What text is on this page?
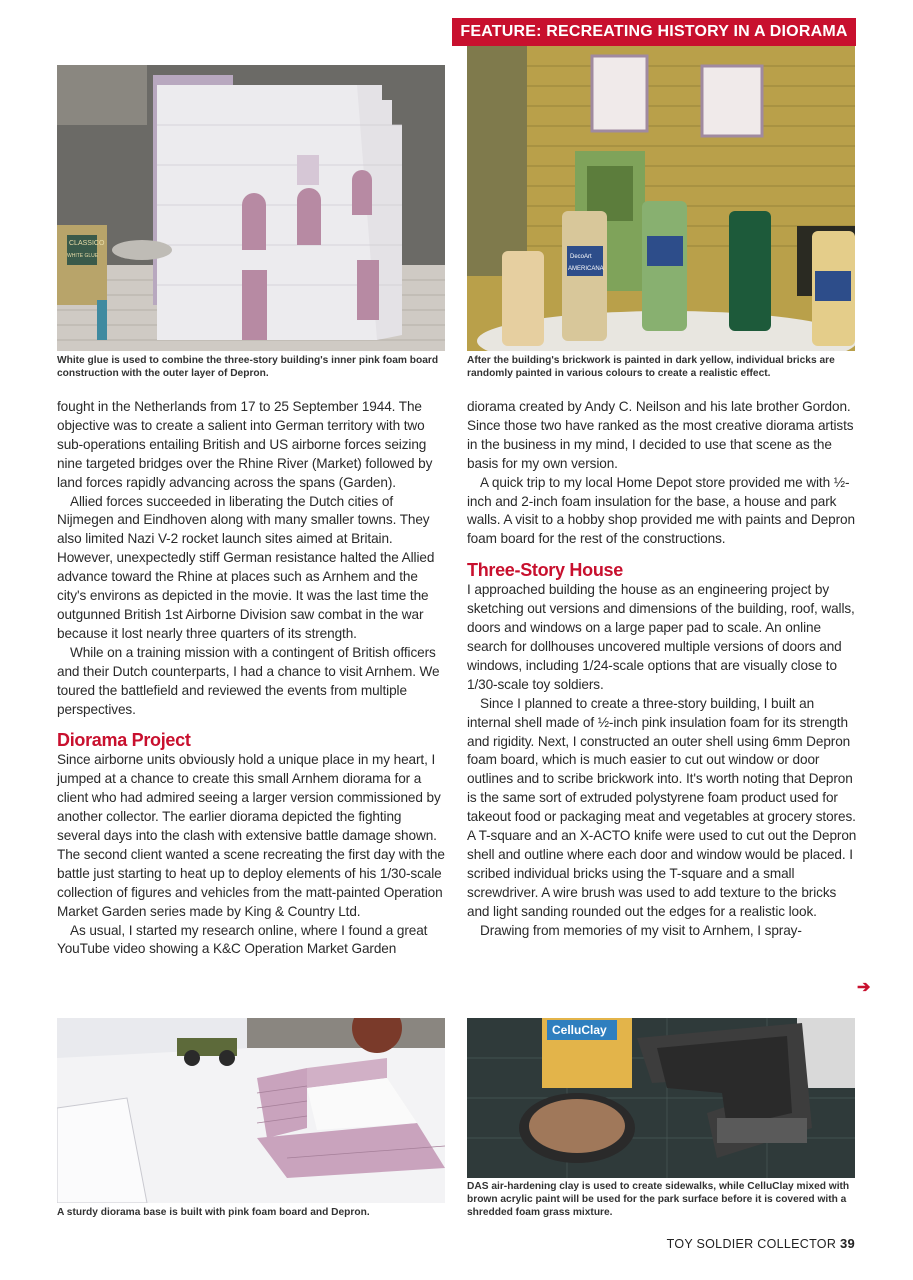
FEATURE: RECREATING HISTORY IN A DIORAMA
CLASSICO
WHITE GLUE
White glue is used to combine the three-story building's inner pink foam board construction with the outer layer of Depron.
DecoArt
AMERICANA
After the building's brickwork is painted in dark yellow, individual bricks are randomly painted in various colours to create a realistic effect.

fought in the Netherlands from 17 to 25 September 1944. The objective was to create a salient into German territory with two sub-operations entailing British and US airborne forces seizing nine targeted bridges over the Rhine River (Market) followed by land forces rapidly advancing across the spans (Garden).

Allied forces succeeded in liberating the Dutch cities of Nijmegen and Eindhoven along with many smaller towns. They also limited Nazi V-2 rocket launch sites aimed at Britain. However, unexpectedly stiff German resistance halted the Allied advance toward the Rhine at places such as Arnhem and the city's environs as depicted in the movie. It was the last time the outgunned British 1st Airborne Division saw combat in the war because it lost nearly three quarters of its strength.

While on a training mission with a contingent of British officers and their Dutch counterparts, I had a chance to visit Arnhem. We toured the battlefield and reviewed the events from multiple perspectives.

Diorama Project

Since airborne units obviously hold a unique place in my heart, I jumped at a chance to create this small Arnhem diorama for a client who had admired seeing a larger version commissioned by another collector. The earlier diorama depicted the fighting several days into the clash with extensive battle damage shown. The second client wanted a scene recreating the first day with the battle just starting to heat up to deploy elements of his 1/30-scale collection of figures and vehicles from the matt-painted Operation Market Garden series made by King & Country Ltd.

As usual, I started my research online, where I found a great YouTube video showing a K&C Operation Market Garden

diorama created by Andy C. Neilson and his late brother Gordon. Since those two have ranked as the most creative diorama artists in the business in my mind, I decided to use that scene as the basis for my own version.

A quick trip to my local Home Depot store provided me with ½-inch and 2-inch foam insulation for the base, a house and park walls. A visit to a hobby shop provided me with paints and Depron foam board for the rest of the constructions.

Three-Story House

I approached building the house as an engineering project by sketching out versions and dimensions of the building, roof, walls, doors and windows on a large paper pad to scale. An online search for dollhouses uncovered multiple versions of doors and windows, including 1/24-scale options that are visually close to 1/30-scale toy soldiers.

Since I planned to create a three-story building, I built an internal shell made of ½-inch pink insulation foam for its strength and rigidity. Next, I constructed an outer shell using 6mm Depron foam board, which is much easier to cut out window or door outlines and to scribe brickwork into. It's worth noting that Depron is the same sort of extruded polystyrene foam product used for takeout food or packaging meat and vegetables at grocery stores. A T-square and an X-ACTO knife were used to cut out the Depron shell and outline where each door and window would be placed. I scribed individual bricks using the T-square and a small screwdriver. A wire brush was used to add texture to the bricks and light sanding rounded out the edges for a realistic look.

Drawing from memories of my visit to Arnhem, I spray-

➔
A sturdy diorama base is built with pink foam board and Depron.
CelluClay
DAS air-hardening clay is used to create sidewalks, while CelluClay mixed with brown acrylic paint will be used for the park surface before it is covered with a shredded foam grass mixture.
TOY SOLDIER COLLECTOR 39
